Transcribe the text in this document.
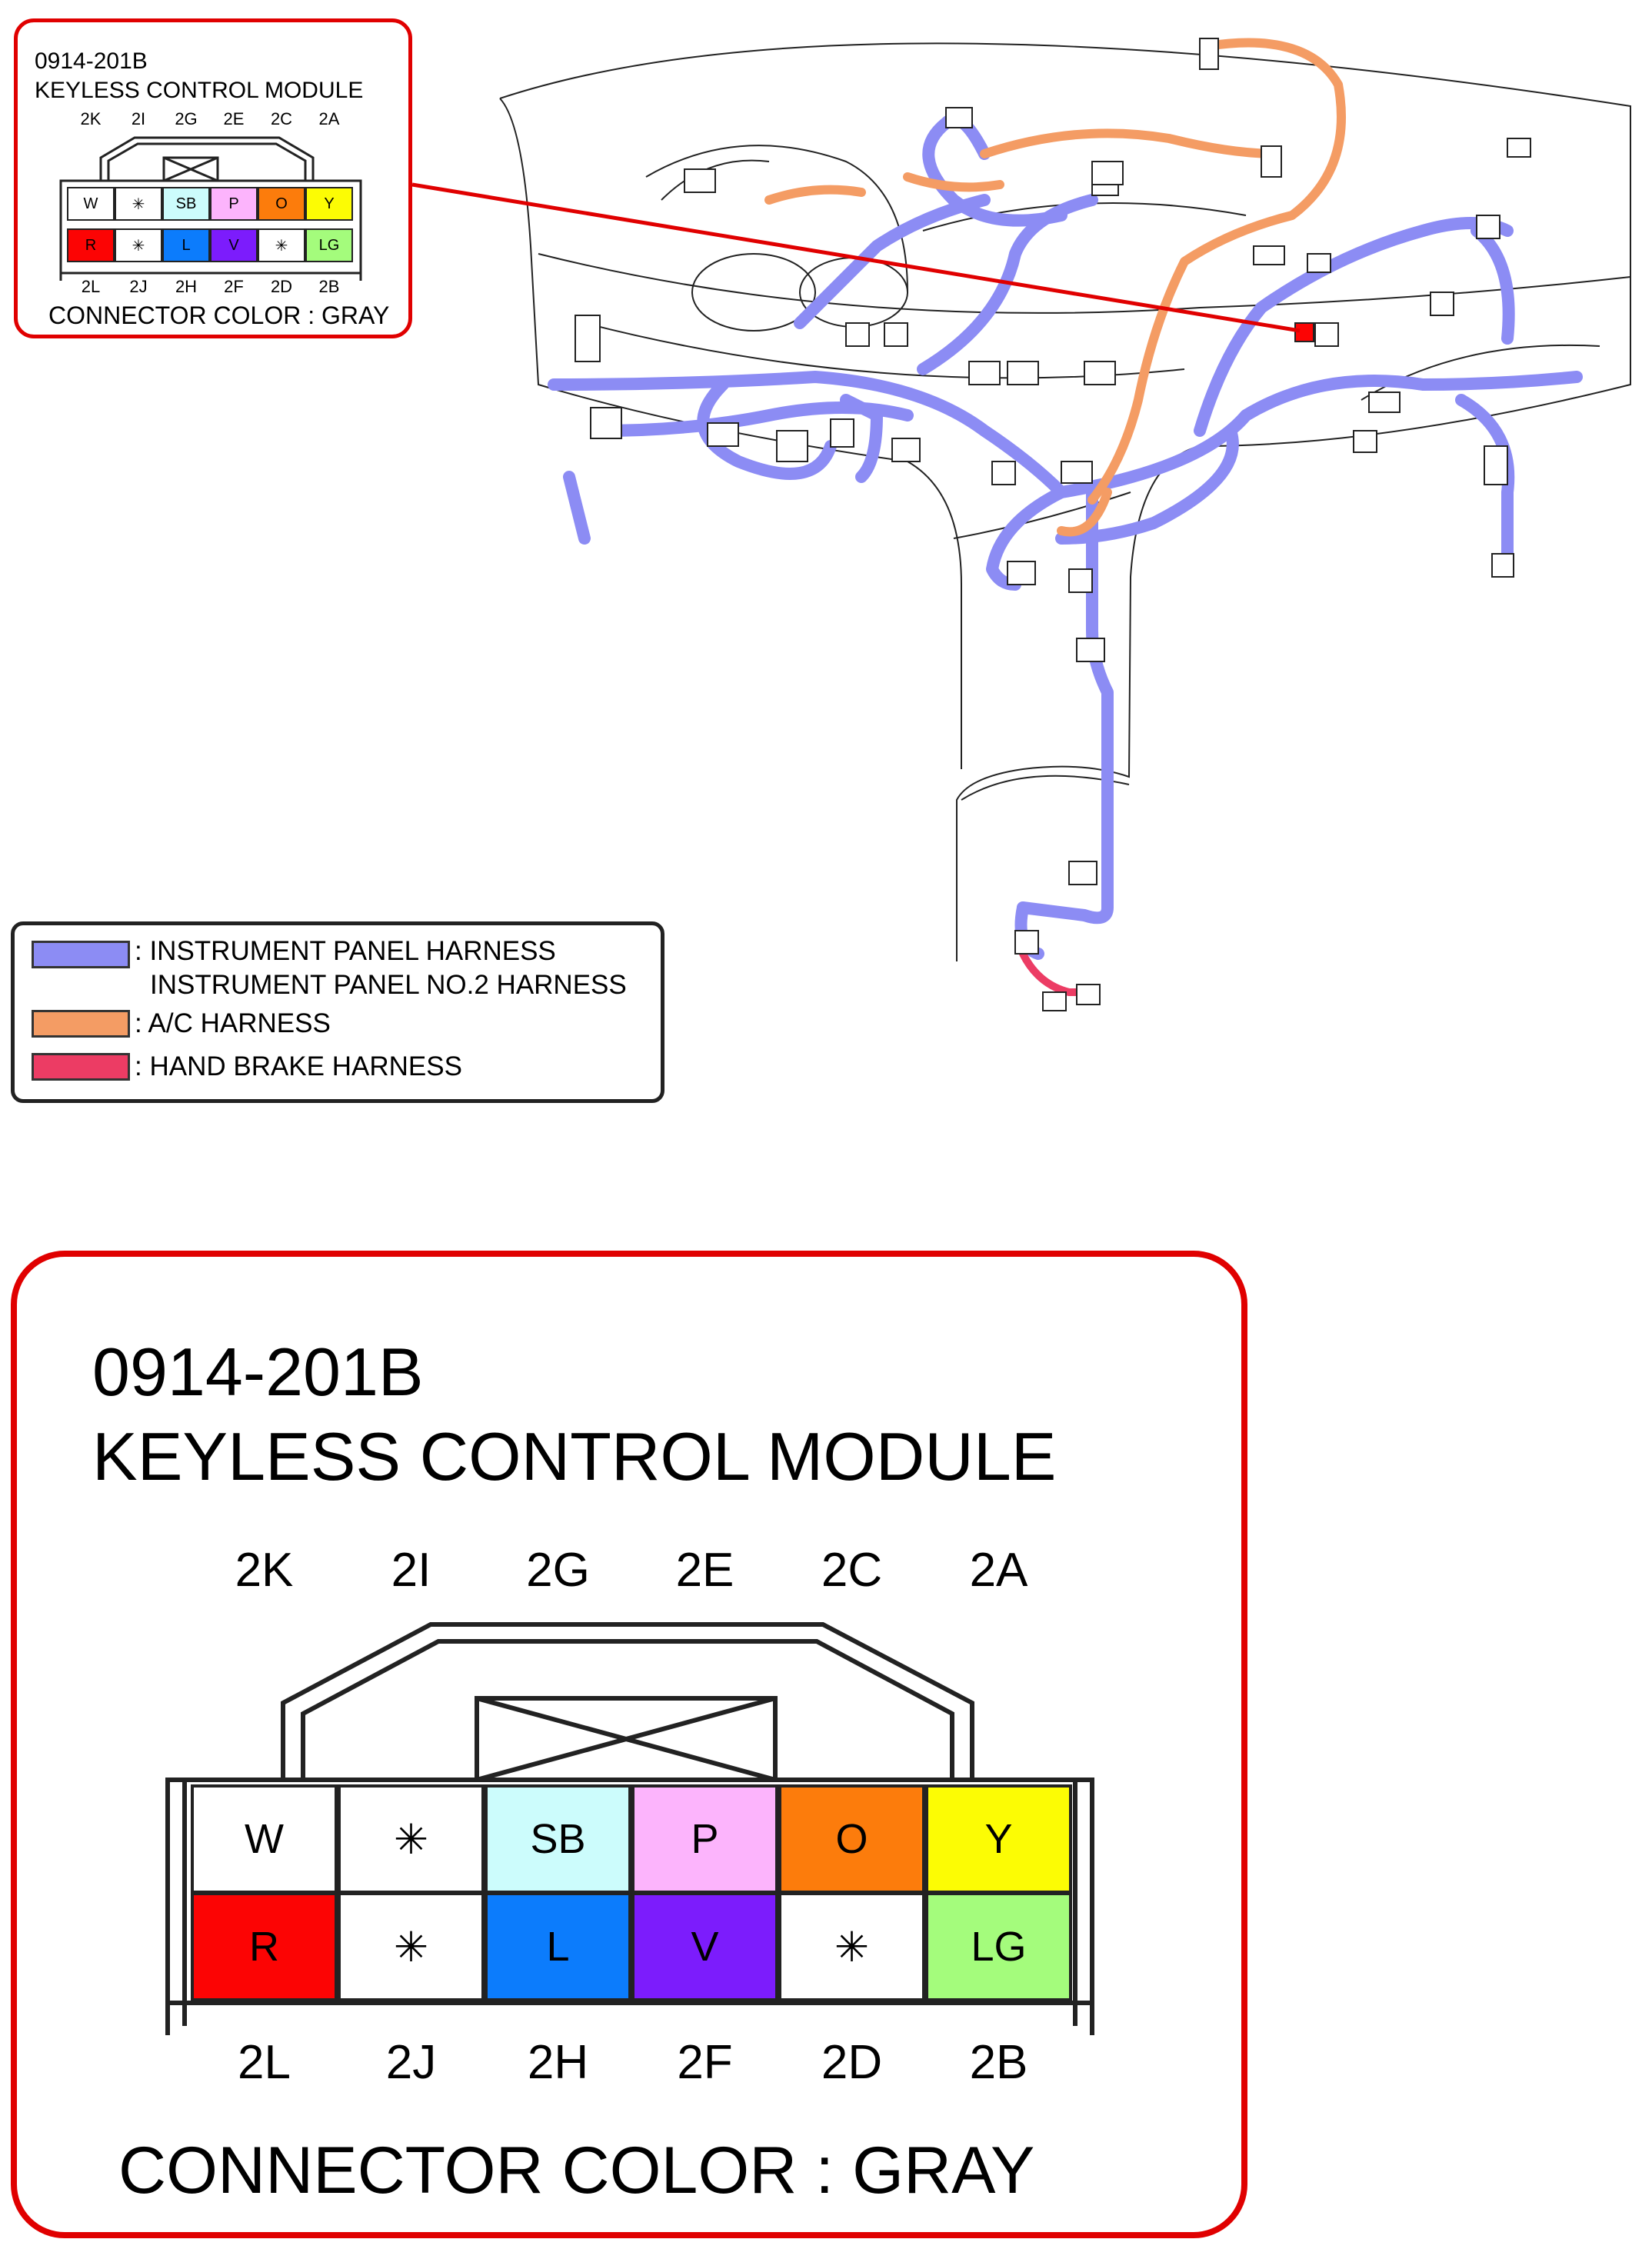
0914-201B
KEYLESS CONTROL MODULE
2K	2I	2G	2E	2C	2A
2L	2J	2H	2F	2D	2B
W	✳	SB	P	O	Y
R	✳	L	V	✳	LG
CONNECTOR COLOR : GRAY
: INSTRUMENT PANEL HARNESS
INSTRUMENT PANEL NO.2 HARNESS
: A/C HARNESS
: HAND BRAKE HARNESS
0914-201B
KEYLESS CONTROL MODULE
2K	2I	2G	2E	2C	2A
2L	2J	2H	2F	2D	2B
W	✳	SB	P	O	Y
R	✳	L	V	✳	LG
CONNECTOR COLOR : GRAY
